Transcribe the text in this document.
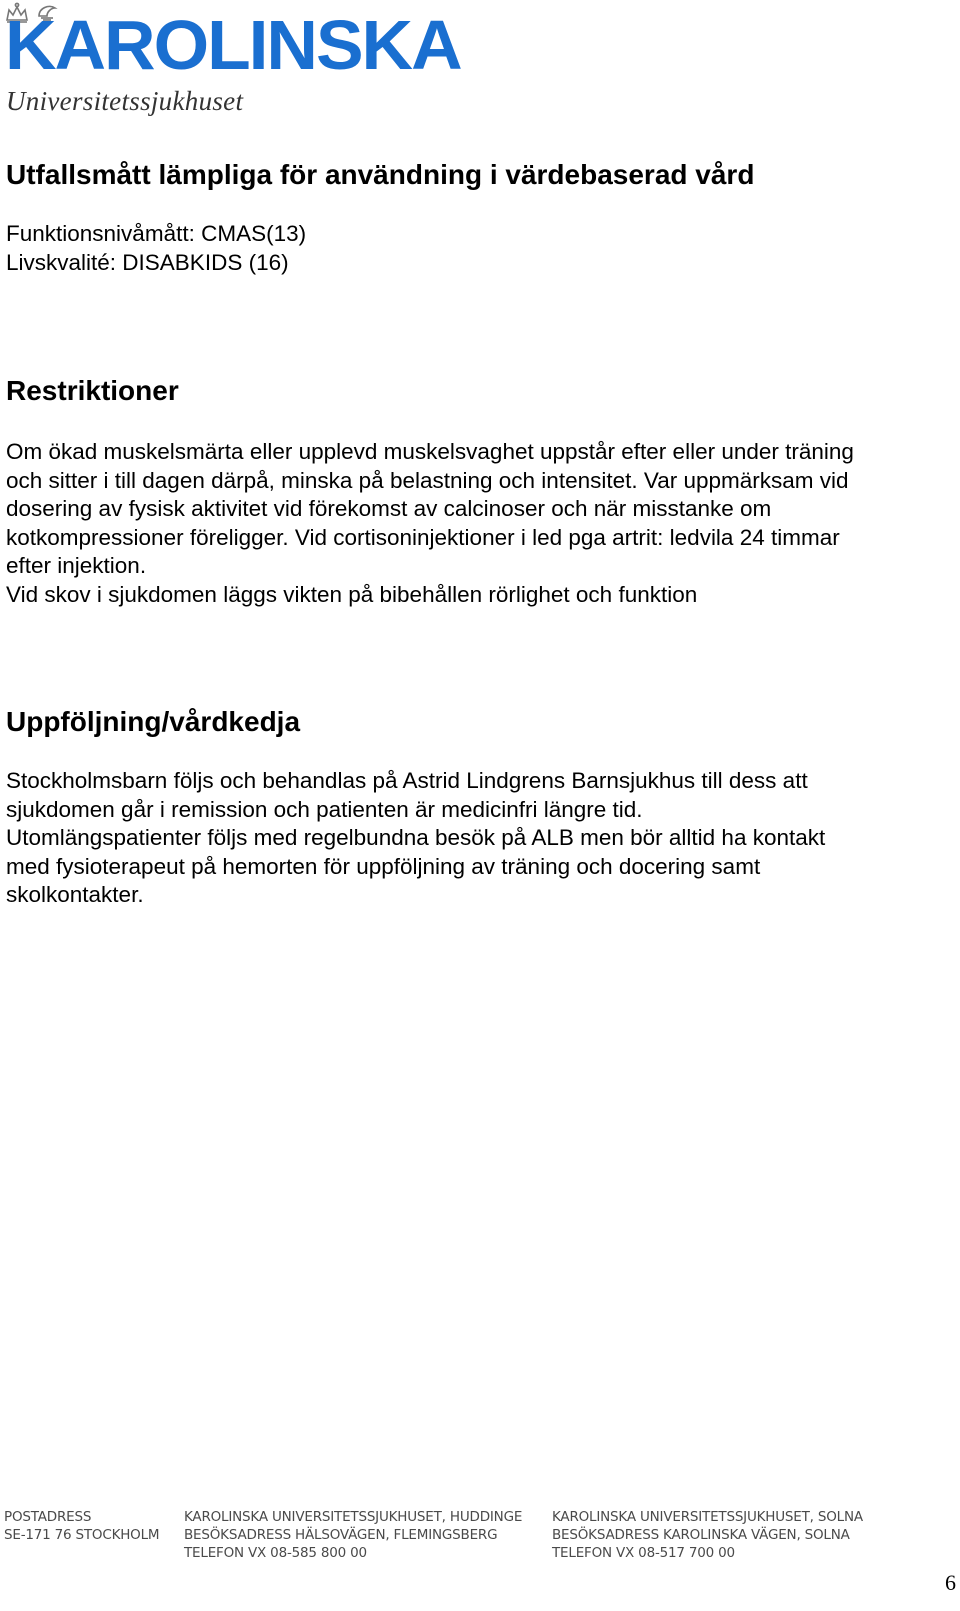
KAROLINSKA
Universitetssjukhuset
Utfallsmått lämpliga för användning i värdebaserad vård

Funktionsnivåmått: CMAS(13)

Livskvalité: DISABKIDS (16)

Restriktioner

Om ökad muskelsmärta eller upplevd muskelsvaghet uppstår efter eller under träning

och sitter i till dagen därpå, minska på belastning och intensitet. Var uppmärksam vid

dosering av fysisk aktivitet vid förekomst av calcinoser och när misstanke om

kotkompressioner föreligger. Vid cortisoninjektioner i led pga artrit: ledvila 24 timmar

efter injektion.

Vid skov i sjukdomen läggs vikten på bibehållen rörlighet och funktion

Uppföljning/vårdkedja

Stockholmsbarn följs och behandlas på Astrid Lindgrens Barnsjukhus till dess att

sjukdomen går i remission och patienten är medicinfri längre tid.

Utomlängspatienter följs med regelbundna besök på ALB men bör alltid ha kontakt

med fysioterapeut på hemorten för uppföljning av träning och docering samt

skolkontakter.

POSTADRESS
SE-171 76 STOCKHOLM
KAROLINSKA UNIVERSITETSSJUKHUSET, HUDDINGE
BESÖKSADRESS HÄLSOVÄGEN, FLEMINGSBERG
TELEFON VX 08-585 800 00
KAROLINSKA UNIVERSITETSSJUKHUSET, SOLNA
BESÖKSADRESS KAROLINSKA VÄGEN, SOLNA
TELEFON VX 08-517 700 00
6
